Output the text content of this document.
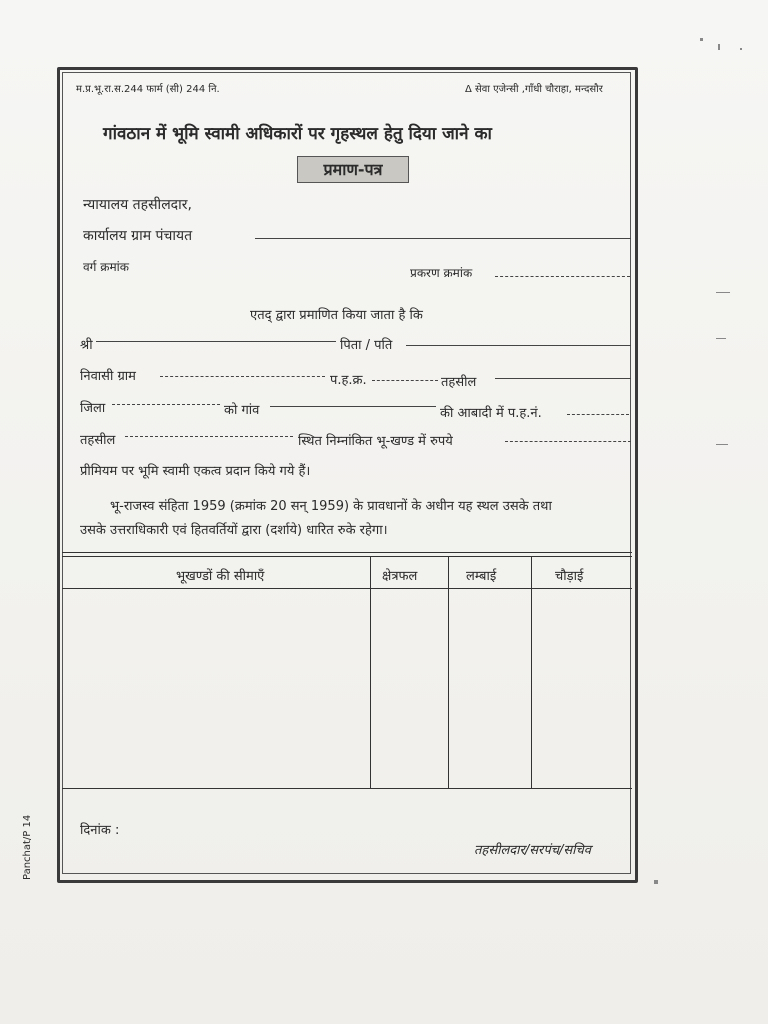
म.प्र.भू.रा.स.244 फार्म (सी) 244 नि.	Δ सेवा एजेन्सी ,गाँधी चौराहा, मन्दसौर
गांवठान में भूमि स्वामी अधिकारों पर गृहस्थल हेतु दिया जाने का
प्रमाण-पत्र
न्यायालय तहसीलदार,
कार्यालय ग्राम पंचायत
वर्ग क्रमांक	प्रकरण क्रमांक
एतद् द्वारा प्रमाणित किया जाता है कि
श्री	पिता / पति
निवासी ग्राम	प.ह.क्र.	तहसील
जिला	को गांव	की आबादी में प.ह.नं.
तहसील	स्थित निम्नांकित भू-खण्ड में रुपये
प्रीमियम पर भूमि स्वामी एकत्व प्रदान किये गये हैं।
भू-राजस्व संहिता 1959 (क्रमांक 20 सन् 1959) के प्रावधानों के अधीन यह स्थल उसके तथा
उसके उत्तराधिकारी एवं हितवर्तियों द्वारा (दर्शाये) धारित रुके रहेगा।
भूखण्डों की सीमाएँ	क्षेत्रफल	लम्बाई	चौड़ाई
दिनांक :
तहसीलदार/सरपंच/सचिव
Panchat/P 14
